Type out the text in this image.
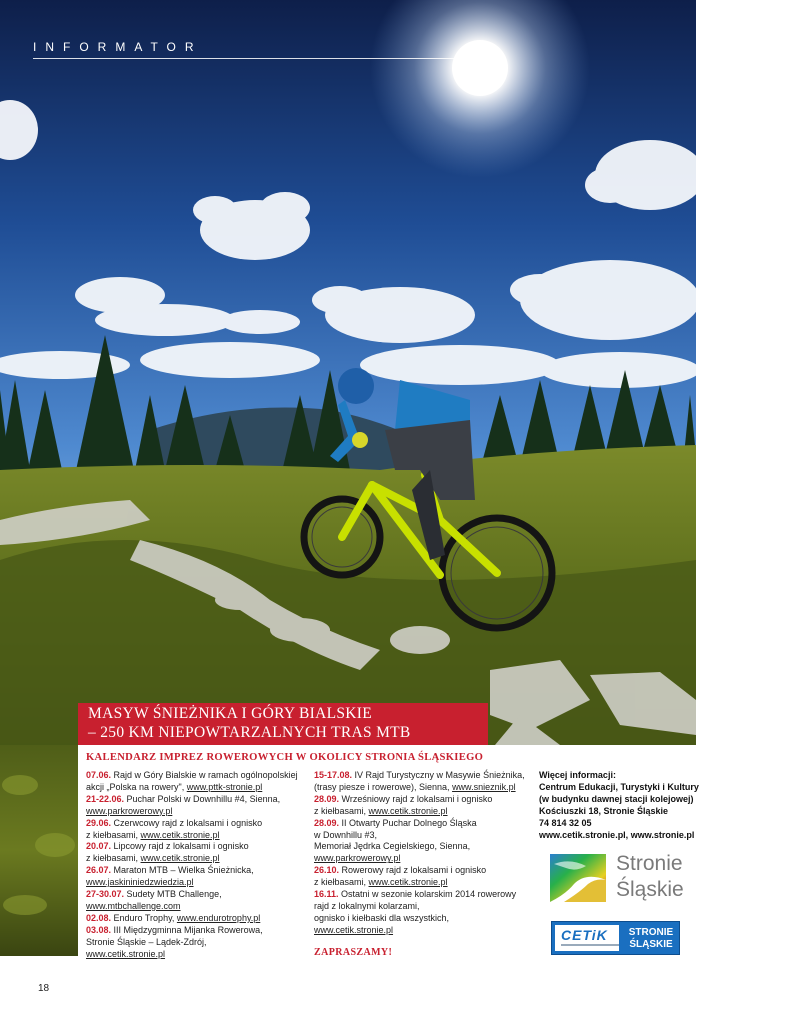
INFORMATOR
MASYW ŚNIEŻNIKA I GÓRY BIALSKIE
– 250 KM NIEPOWTARZALNYCH TRAS MTB
KALENDARZ IMPREZ ROWEROWYCH W OKOLICY STRONIA ŚLĄSKIEGO
07.06. Rajd w Góry Bialskie w ramach ogólnopolskiej
akcji „Polska na rowery", www.pttk-stronie.pl
21-22.06. Puchar Polski w Downhillu #4, Sienna,
www.parkrowerowy.pl
29.06. Czerwcowy rajd z lokalsami i ognisko
z kiełbasami, www.cetik.stronie.pl
20.07. Lipcowy rajd z lokalsami i ognisko
z kiełbasami, www.cetik.stronie.pl
26.07. Maraton MTB – Wielka Śnieżnicka,
www.jaskininiedzwiedzia.pl
27-30.07. Sudety MTB Challenge,
www.mtbchallenge.com
02.08. Enduro Trophy, www.endurotrophy.pl
03.08. III Międzygminna Mijanka Rowerowa,
Stronie Śląskie – Lądek-Zdrój,
www.cetik.stronie.pl
15-17.08. IV Rajd Turystyczny w Masywie Śnieżnika,
(trasy piesze i rowerowe), Sienna, www.snieznik.pl
28.09. Wrześniowy rajd z lokalsami i ognisko
z kiełbasami, www.cetik.stronie.pl
28.09. II Otwarty Puchar Dolnego Śląska
w Downhillu #3,
Memoriał Jędrka Cegielskiego, Sienna,
www.parkrowerowy.pl
26.10. Rowerowy rajd z lokalsami i ognisko
z kiełbasami, www.cetik.stronie.pl
16.11. Ostatni w sezonie kolarskim 2014 rowerowy
rajd z lokalnymi kolarzami,
ognisko i kiełbaski dla wszystkich,
www.cetik.stronie.pl
ZAPRASZAMY!
Więcej informacji:
Centrum Edukacji, Turystyki i Kultury
(w budynku dawnej stacji kolejowej)
Kościuszki 18, Stronie Śląskie
74 814 32 05
www.cetik.stronie.pl, www.stronie.pl
Stronie
Śląskie
CETiK	STRONIE
ŚLĄSKIE
18
